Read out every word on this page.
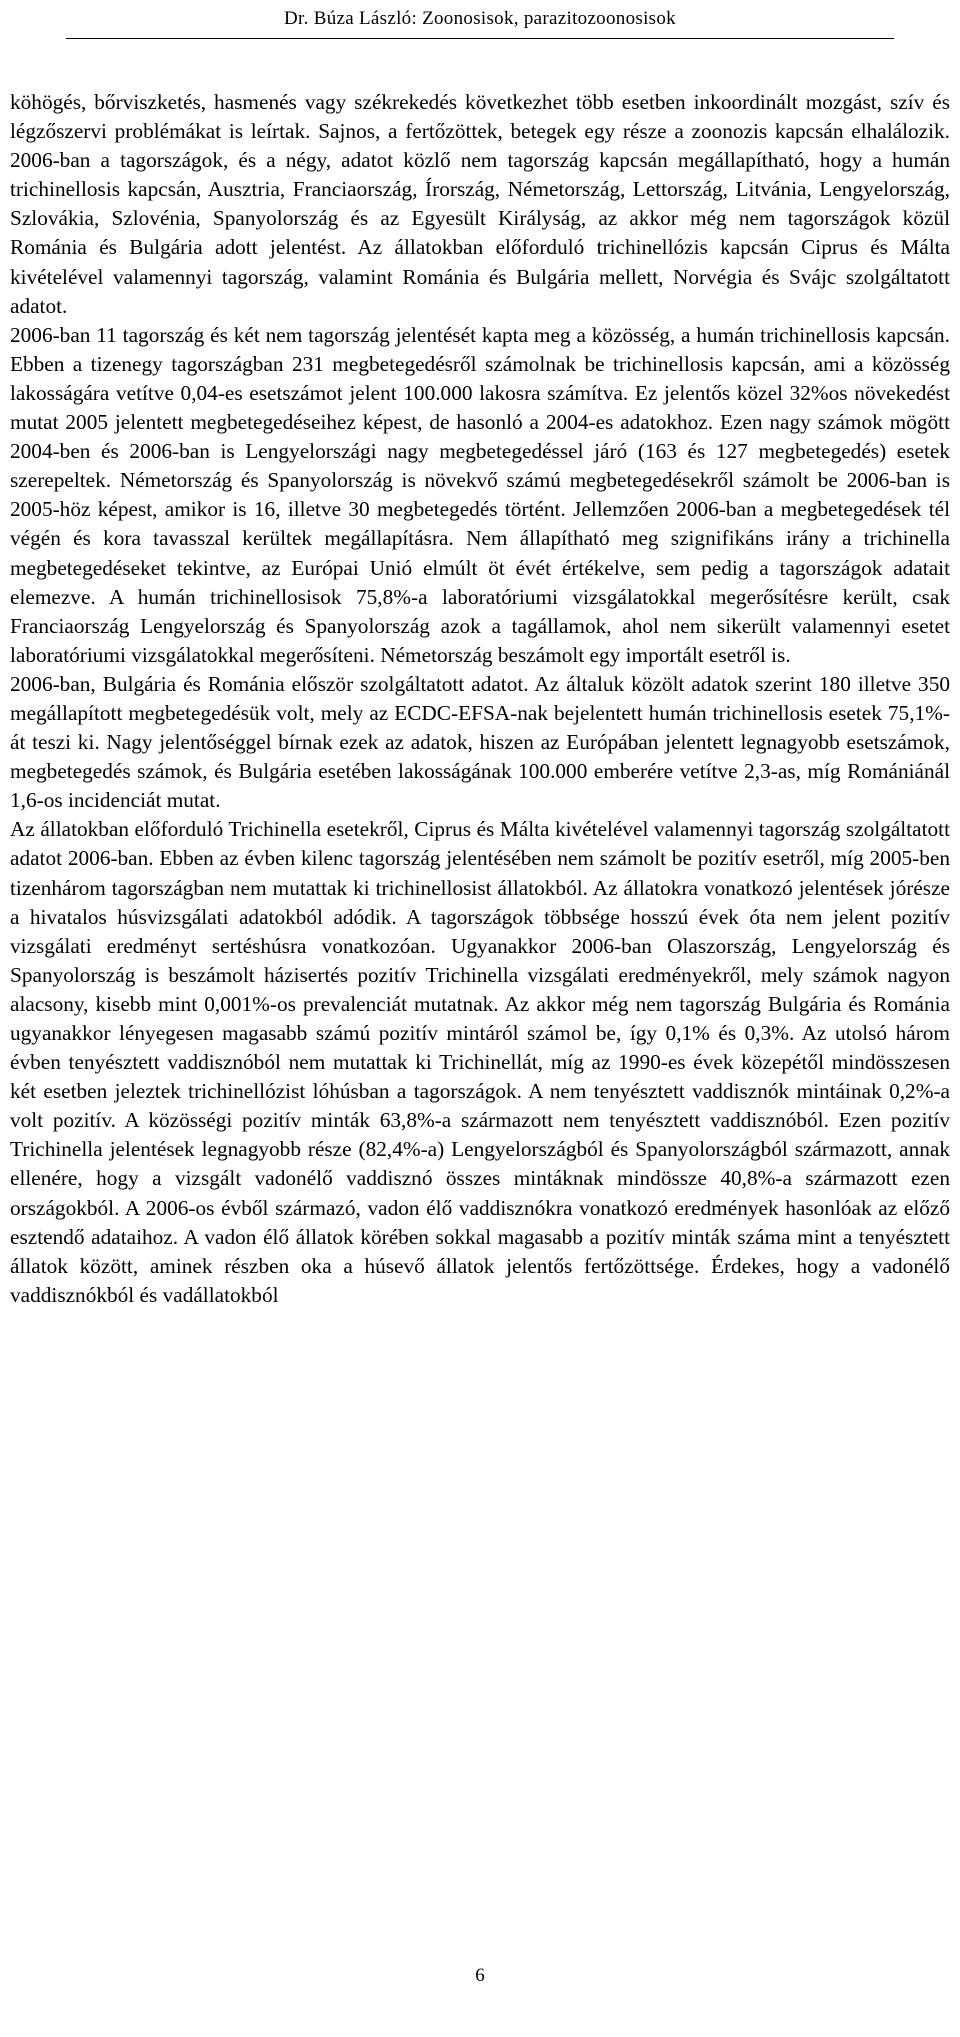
Dr. Búza László: Zoonosisok, parazitozoonosisok

köhögés, bőrviszketés, hasmenés vagy székrekedés következhet több esetben inkoordinált mozgást, szív és légzőszervi problémákat is leírtak. Sajnos, a fertőzöttek, betegek egy része a zoonozis kapcsán elhalálozik. 2006-ban a tagországok, és a négy, adatot közlő nem tagország kapcsán megállapítható, hogy a humán trichinellosis kapcsán, Ausztria, Franciaország, Írország, Németország, Lettország, Litvánia, Lengyelország, Szlovákia, Szlovénia, Spanyolország és az Egyesült Királyság, az akkor még nem tagországok közül Románia és Bulgária adott jelentést. Az állatokban előforduló trichinellózis kapcsán Ciprus és Málta kivételével valamennyi tagország, valamint Románia és Bulgária mellett, Norvégia és Svájc szolgáltatott adatot.

2006-ban 11 tagország és két nem tagország jelentését kapta meg a közösség, a humán trichinellosis kapcsán. Ebben a tizenegy tagországban 231 megbetegedésről számolnak be trichinellosis kapcsán, ami a közösség lakosságára vetítve 0,04-es esetszámot jelent 100.000 lakosra számítva. Ez jelentős közel 32%os növekedést mutat 2005 jelentett megbetegedéseihez képest, de hasonló a 2004-es adatokhoz. Ezen nagy számok mögött 2004-ben és 2006-ban is Lengyelországi nagy megbetegedéssel járó (163 és 127 megbetegedés) esetek szerepeltek. Németország és Spanyolország is növekvő számú megbetegedésekről számolt be 2006-ban is 2005-höz képest, amikor is 16, illetve 30 megbetegedés történt. Jellemzően 2006-ban a megbetegedések tél végén és kora tavasszal kerültek megállapításra. Nem állapítható meg szignifikáns irány a trichinella megbetegedéseket tekintve, az Európai Unió elmúlt öt évét értékelve, sem pedig a tagországok adatait elemezve. A humán trichinellosisok 75,8%-a laboratóriumi vizsgálatokkal megerősítésre került, csak Franciaország Lengyelország és Spanyolország azok a tagállamok, ahol nem sikerült valamennyi esetet laboratóriumi vizsgálatokkal megerősíteni. Németország beszámolt egy importált esetről is.

2006-ban, Bulgária és Románia először szolgáltatott adatot. Az általuk közölt adatok szerint 180 illetve 350 megállapított megbetegedésük volt, mely az ECDC-EFSA-nak bejelentett humán trichinellosis esetek 75,1%-át teszi ki. Nagy jelentőséggel bírnak ezek az adatok, hiszen az Európában jelentett legnagyobb esetszámok, megbetegedés számok, és Bulgária esetében lakosságának 100.000 emberére vetítve 2,3-as, míg Romániánál 1,6-os incidenciát mutat.

Az állatokban előforduló Trichinella esetekről, Ciprus és Málta kivételével valamennyi tagország szolgáltatott adatot 2006-ban. Ebben az évben kilenc tagország jelentésében nem számolt be pozitív esetről, míg 2005-ben tizenhárom tagországban nem mutattak ki trichinellosist állatokból. Az állatokra vonatkozó jelentések jórésze a hivatalos húsvizsgálati adatokból adódik. A tagországok többsége hosszú évek óta nem jelent pozitív vizsgálati eredményt sertéshúsra vonatkozóan. Ugyanakkor 2006-ban Olaszország, Lengyelország és Spanyolország is beszámolt házisertés pozitív Trichinella vizsgálati eredményekről, mely számok nagyon alacsony, kisebb mint 0,001%-os prevalenciát mutatnak. Az akkor még nem tagország Bulgária és Románia ugyanakkor lényegesen magasabb számú pozitív mintáról számol be, így 0,1% és 0,3%. Az utolsó három évben tenyésztett vaddisznóból nem mutattak ki Trichinellát, míg az 1990-es évek közepétől mindösszesen két esetben jeleztek trichinellózist lóhúsban a tagországok. A nem tenyésztett vaddisznók mintáinak 0,2%-a volt pozitív. A közösségi pozitív minták 63,8%-a származott nem tenyésztett vaddisznóból. Ezen pozitív Trichinella jelentések legnagyobb része (82,4%-a) Lengyelországból és Spanyolországból származott, annak ellenére, hogy a vizsgált vadonélő vaddisznó összes mintáknak mindössze 40,8%-a származott ezen országokból. A 2006-os évből származó, vadon élő vaddisznókra vonatkozó eredmények hasonlóak az előző esztendő adataihoz. A vadon élő állatok körében sokkal magasabb a pozitív minták száma mint a tenyésztett állatok között, aminek részben oka a húsevő állatok jelentős fertőzöttsége. Érdekes, hogy a vadonélő vaddisznókból és vadállatokból

6
